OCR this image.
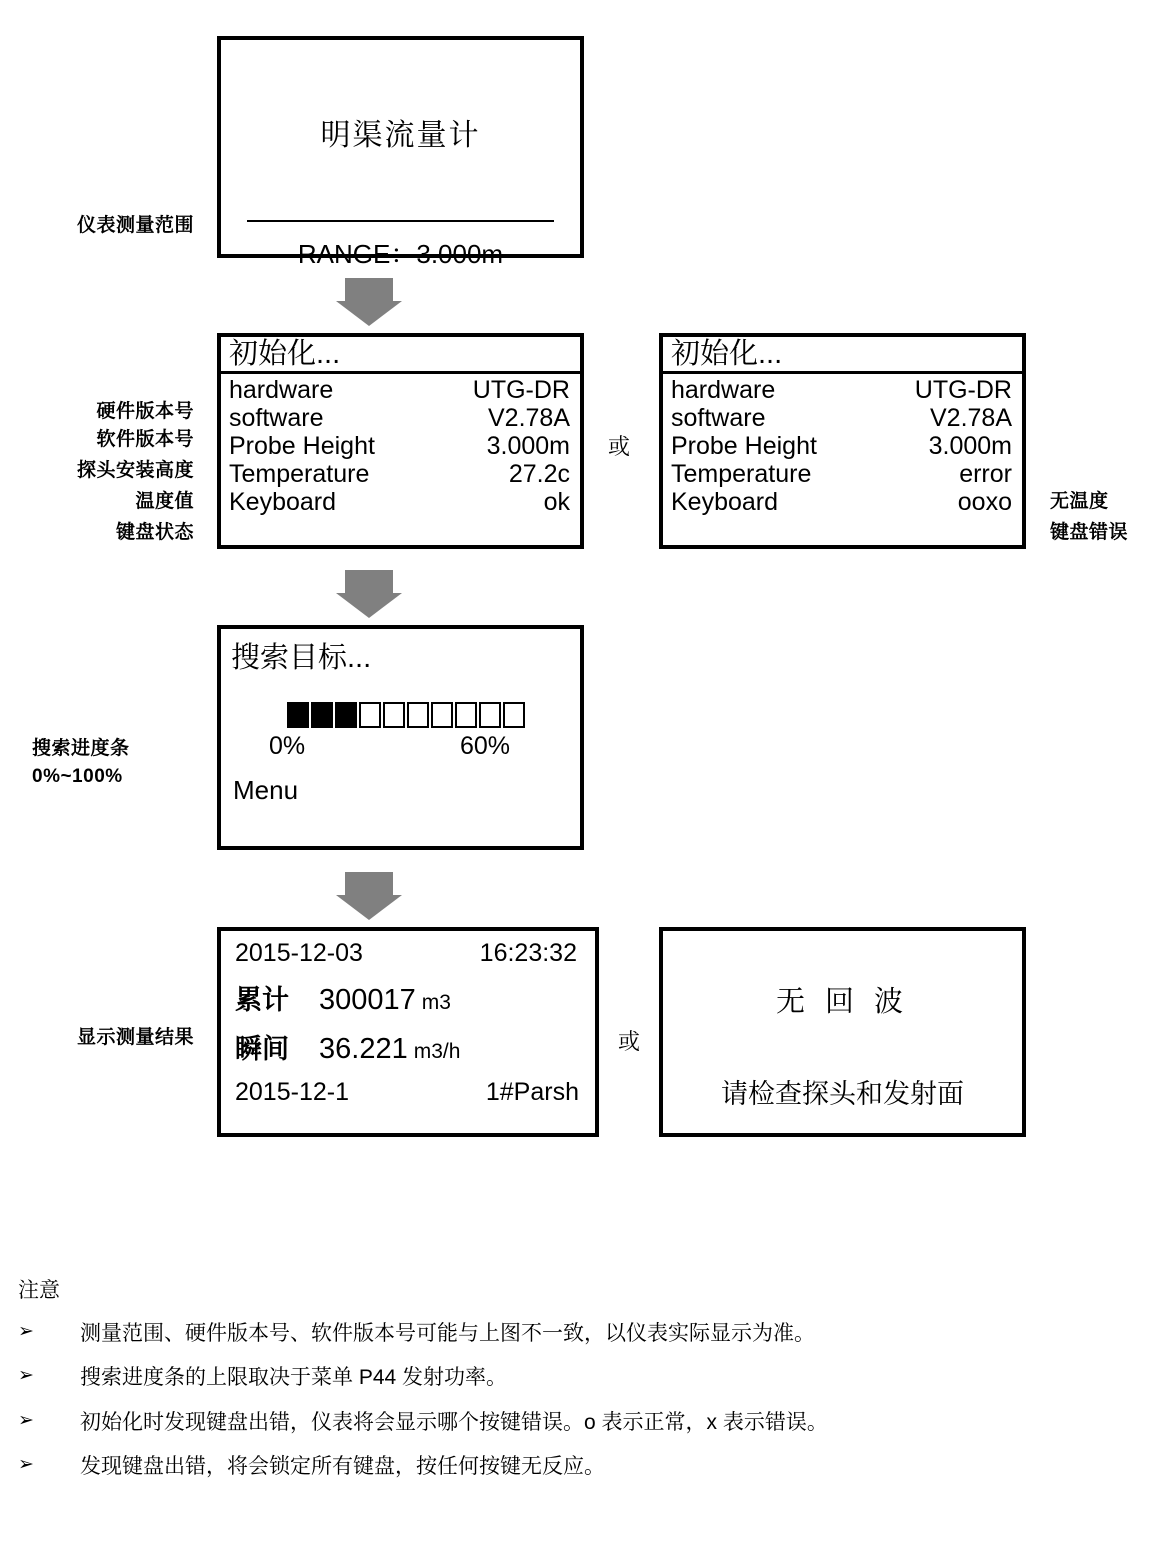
明渠流量计
RANGE：3.000m
仪表测量范围
初始化...
hardware	UTG-DR
software	V2.78A
Probe Height	3.000m
Temperature	27.2c
Keyboard	ok
硬件版本号
软件版本号
探头安装高度
温度值
键盘状态
或
初始化...
hardware	UTG-DR
software	V2.78A
Probe Height	3.000m
Temperature	error
Keyboard	ooxo 无温度
键盘错误
搜索目标...
0%	60%
Menu
搜索进度条
0%~100%
2015-12-03	16:23:32
累计 300017 m3
瞬间 36.221 m3/h
2015-12-1	1#Parsh
显示测量结果	或
无 回 波
请检查探头和发射面
注意
➢	测量范围、硬件版本号、软件版本号可能与上图不一致，以仪表实际显示为准。
➢	搜索进度条的上限取决于菜单 P44 发射功率。
➢	初始化时发现键盘出错，仪表将会显示哪个按键错误。o 表示正常，x 表示错误。
➢	发现键盘出错，将会锁定所有键盘，按任何按键无反应。
